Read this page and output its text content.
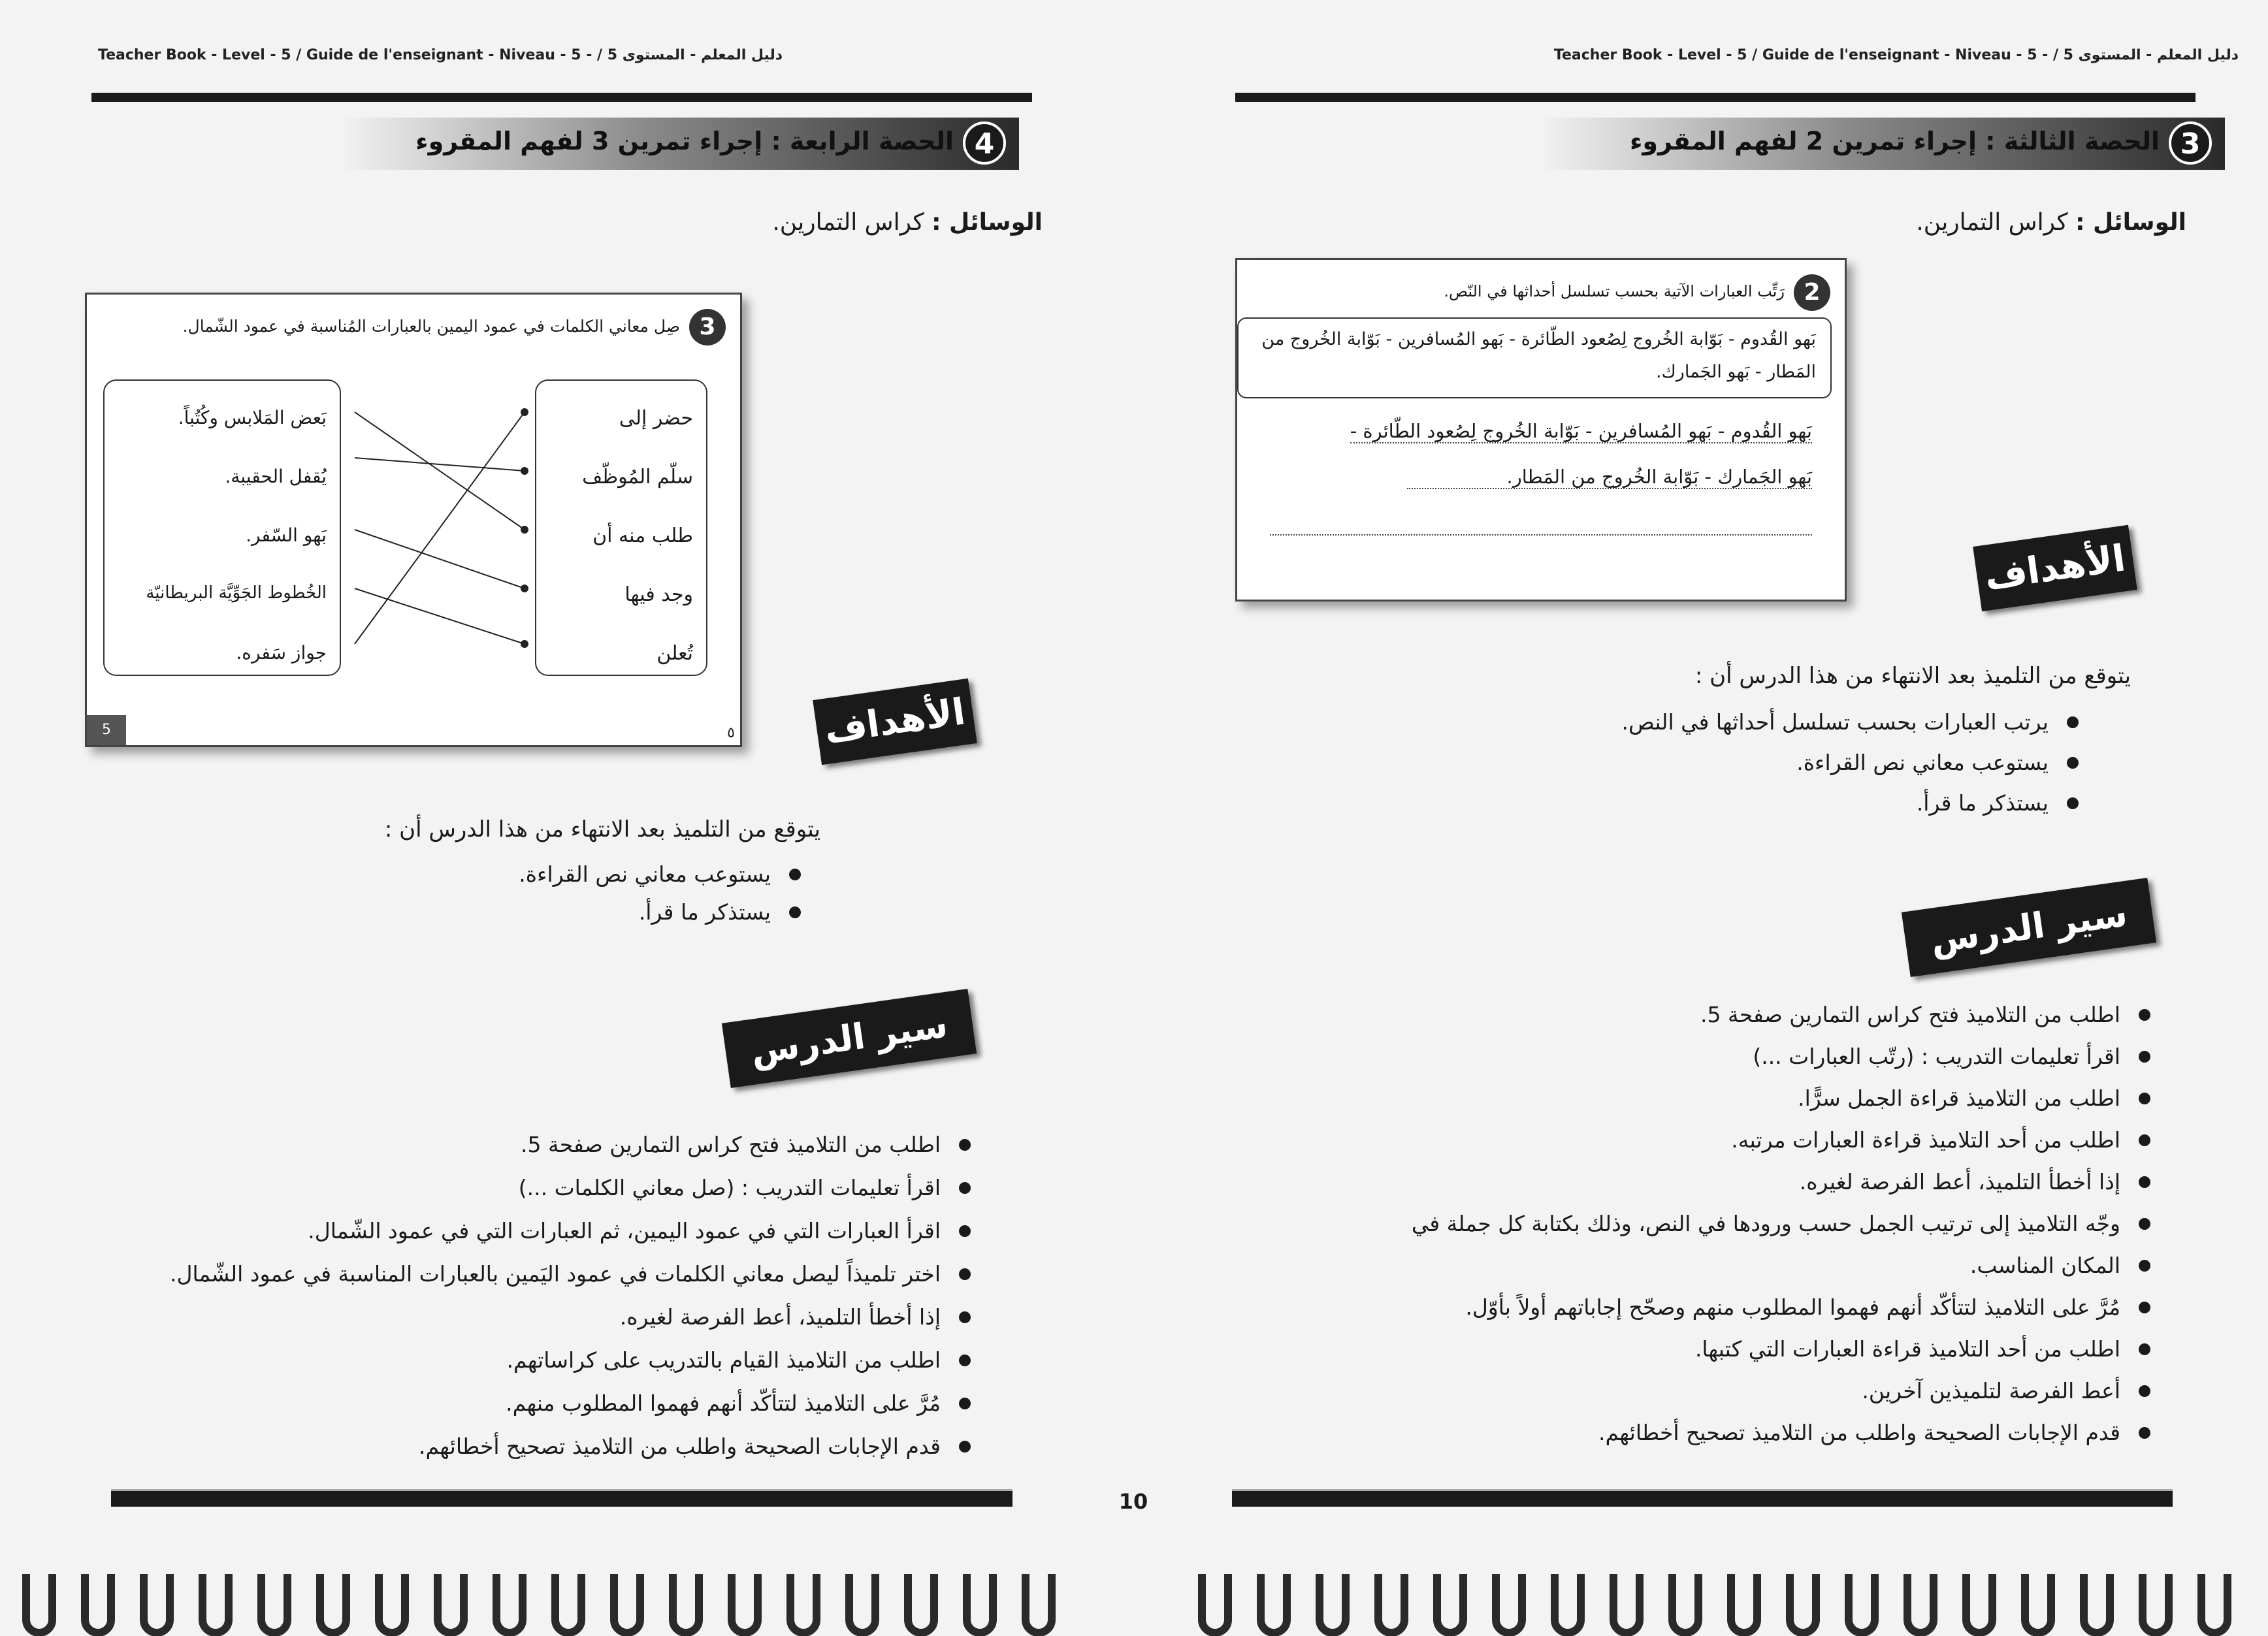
Teacher Book - Level - 5 / Guide de l'enseignant - Niveau - 5 - / دليل المعلم - المستوى 5
4
الحصة الرابعة : إجراء تمرين 3 لفهم المقروء
الوسائل : كراس التمارين.
3
صِل معاني الكلمات في عمود اليمين بالعبارات المُناسبة في عمود الشّمال.
حضر إلى
سلّم المُوظّف
طلب منه أن
وجد فيها
تُعلن
بَعض المَلابس وكُتُباً.
يُقفل الحقيبة.
بَهو السّفر.
الخُطوط الجَوِّيَّة البريطانيّة
جواز سَفره.
5	٥ الأهداف
يتوقع من التلميذ بعد الانتهاء من هذا الدرس أن :
يستوعب معاني نص القراءة.
يستذكر ما قرأ.
سير الدرس
اطلب من التلاميذ فتح كراس التمارين صفحة 5.
اقرأ تعليمات التدريب : (صل معاني الكلمات ...)
اقرأ العبارات التي في عمود اليمين، ثم العبارات التي في عمود الشّمال.
اختر تلميذاً ليصل معاني الكلمات في عمود اليَمين بالعبارات المناسبة في عمود الشّمال.
إذا أخطأ التلميذ، أعط الفرصة لغيره.
اطلب من التلاميذ القيام بالتدريب على كراساتهم.
مُرَّ على التلاميذ لتتأكّد أنهم فهموا المطلوب منهم.
قدم الإجابات الصحيحة واطلب من التلاميذ تصحيح أخطائهم.
Teacher Book - Level - 5 / Guide de l'enseignant - Niveau - 5 - / دليل المعلم - المستوى 5
3
الحصة الثالثة : إجراء تمرين 2 لفهم المقروء
الوسائل : كراس التمارين.
2
رَتِّب العبارات الآتية بحسب تسلسل أحداثها في النّص.
بَهو القُدوم - بَوّابة الخُروج لِصُعود الطّائرة - بَهو المُسافرين - بَوّابة الخُروج من
المَطار - بَهو الجَمارك.
بَهو القُدوم - بَهو المُسافرين - بَوّابة الخُروج لِصُعود الطّائرة -
بَهو الجَمارك - بَوّابة الخُروج من المَطار.
الأهداف
يتوقع من التلميذ بعد الانتهاء من هذا الدرس أن :
يرتب العبارات بحسب تسلسل أحداثها في النص.
يستوعب معاني نص القراءة.
يستذكر ما قرأ.
سير الدرس
اطلب من التلاميذ فتح كراس التمارين صفحة 5.
اقرأ تعليمات التدريب : (رتّب العبارات ...)
اطلب من التلاميذ قراءة الجمل سرًّا.
اطلب من أحد التلاميذ قراءة العبارات مرتبه.
إذا أخطأ التلميذ، أعط الفرصة لغيره.
وجّه التلاميذ إلى ترتيب الجمل حسب ورودها في النص، وذلك بكتابة كل جملة في
المكان المناسب.
مُرَّ على التلاميذ لتتأكّد أنهم فهموا المطلوب منهم وصحّح إجاباتهم أولاً بأوّل.
اطلب من أحد التلاميذ قراءة العبارات التي كتبها.
أعط الفرصة لتلميذين آخرين.
قدم الإجابات الصحيحة واطلب من التلاميذ تصحيح أخطائهم.
10
